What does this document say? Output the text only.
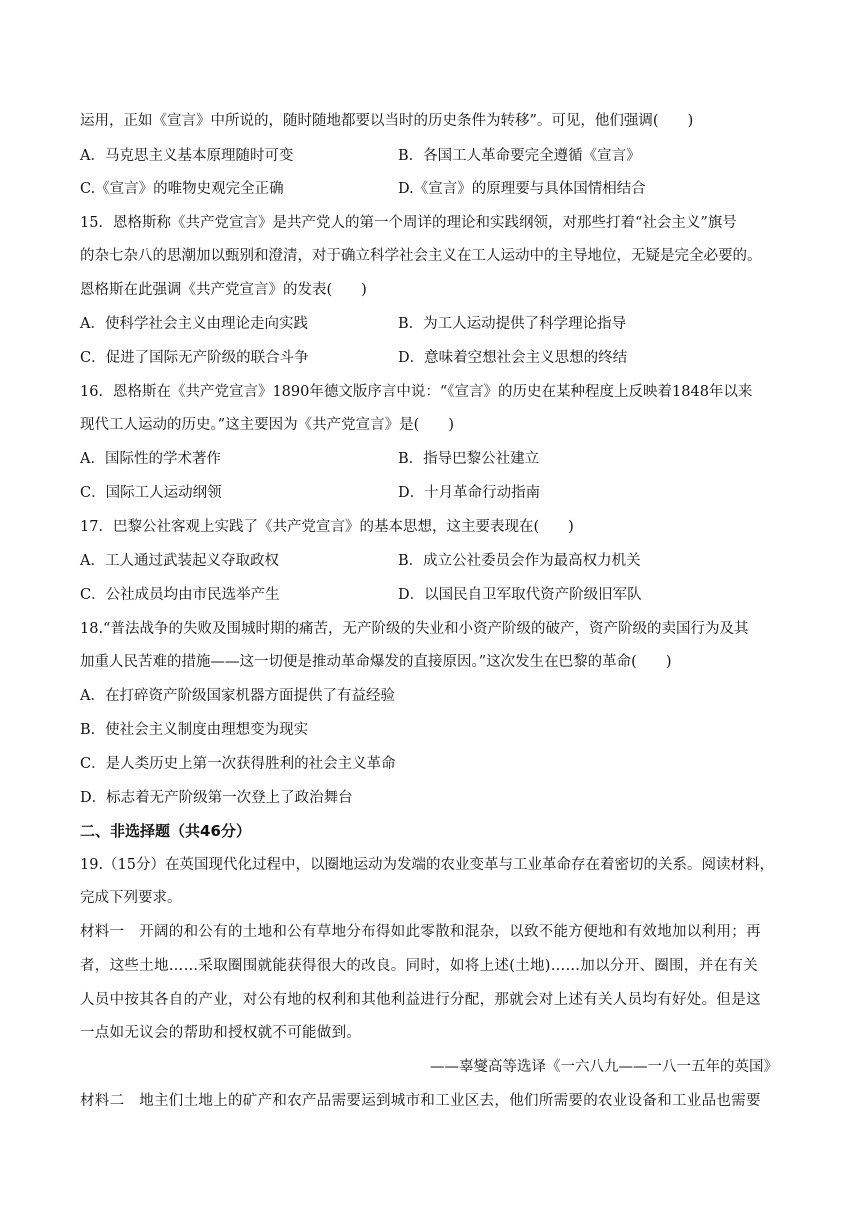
运用，正如《宣言》中所说的，随时随地都要以当时的历史条件为转移”。可见，他们强调(　　)
A．马克思主义基本原理随时可变	B．各国工人革命要完全遵循《宣言》
C.《宣言》的唯物史观完全正确	D.《宣言》的原理要与具体国情相结合
15．恩格斯称《共产党宣言》是共产党人的第一个周详的理论和实践纲领，对那些打着“社会主义”旗号
的杂七杂八的思潮加以甄别和澄清，对于确立科学社会主义在工人运动中的主导地位，无疑是完全必要的。
恩格斯在此强调《共产党宣言》的发表(　　)
A．使科学社会主义由理论走向实践	B．为工人运动提供了科学理论指导
C．促进了国际无产阶级的联合斗争	D．意味着空想社会主义思想的终结
16．恩格斯在《共产党宣言》1890年德文版序言中说：“《宣言》的历史在某种程度上反映着1848年以来
现代工人运动的历史。”这主要因为《共产党宣言》是(　　)
A．国际性的学术著作	B．指导巴黎公社建立
C．国际工人运动纲领	D．十月革命行动指南
17．巴黎公社客观上实践了《共产党宣言》的基本思想，这主要表现在(　　)
A．工人通过武装起义夺取政权	B．成立公社委员会作为最高权力机关
C．公社成员均由市民选举产生	D．以国民自卫军取代资产阶级旧军队
18.“普法战争的失败及围城时期的痛苦，无产阶级的失业和小资产阶级的破产，资产阶级的卖国行为及其
加重人民苦难的措施——这一切便是推动革命爆发的直接原因。”这次发生在巴黎的革命(　　)
A．在打碎资产阶级国家机器方面提供了有益经验
B．使社会主义制度由理想变为现实
C．是人类历史上第一次获得胜利的社会主义革命
D．标志着无产阶级第一次登上了政治舞台
二、非选择题（共46分）
19.（15分）在英国现代化过程中，以圈地运动为发端的农业变革与工业革命存在着密切的关系。阅读材料，
完成下列要求。
材料一　开阔的和公有的土地和公有草地分布得如此零散和混杂，以致不能方便地和有效地加以利用；再
者，这些土地……采取圈围就能获得很大的改良。同时，如将上述(土地)……加以分开、圈围，并在有关
人员中按其各自的产业，对公有地的权利和其他利益进行分配，那就会对上述有关人员均有好处。但是这
一点如无议会的帮助和授权就不可能做到。
——辜燮高等选译《一六八九——一八一五年的英国》
材料二　地主们土地上的矿产和农产品需要运到城市和工业区去，他们所需要的农业设备和工业品也需要
